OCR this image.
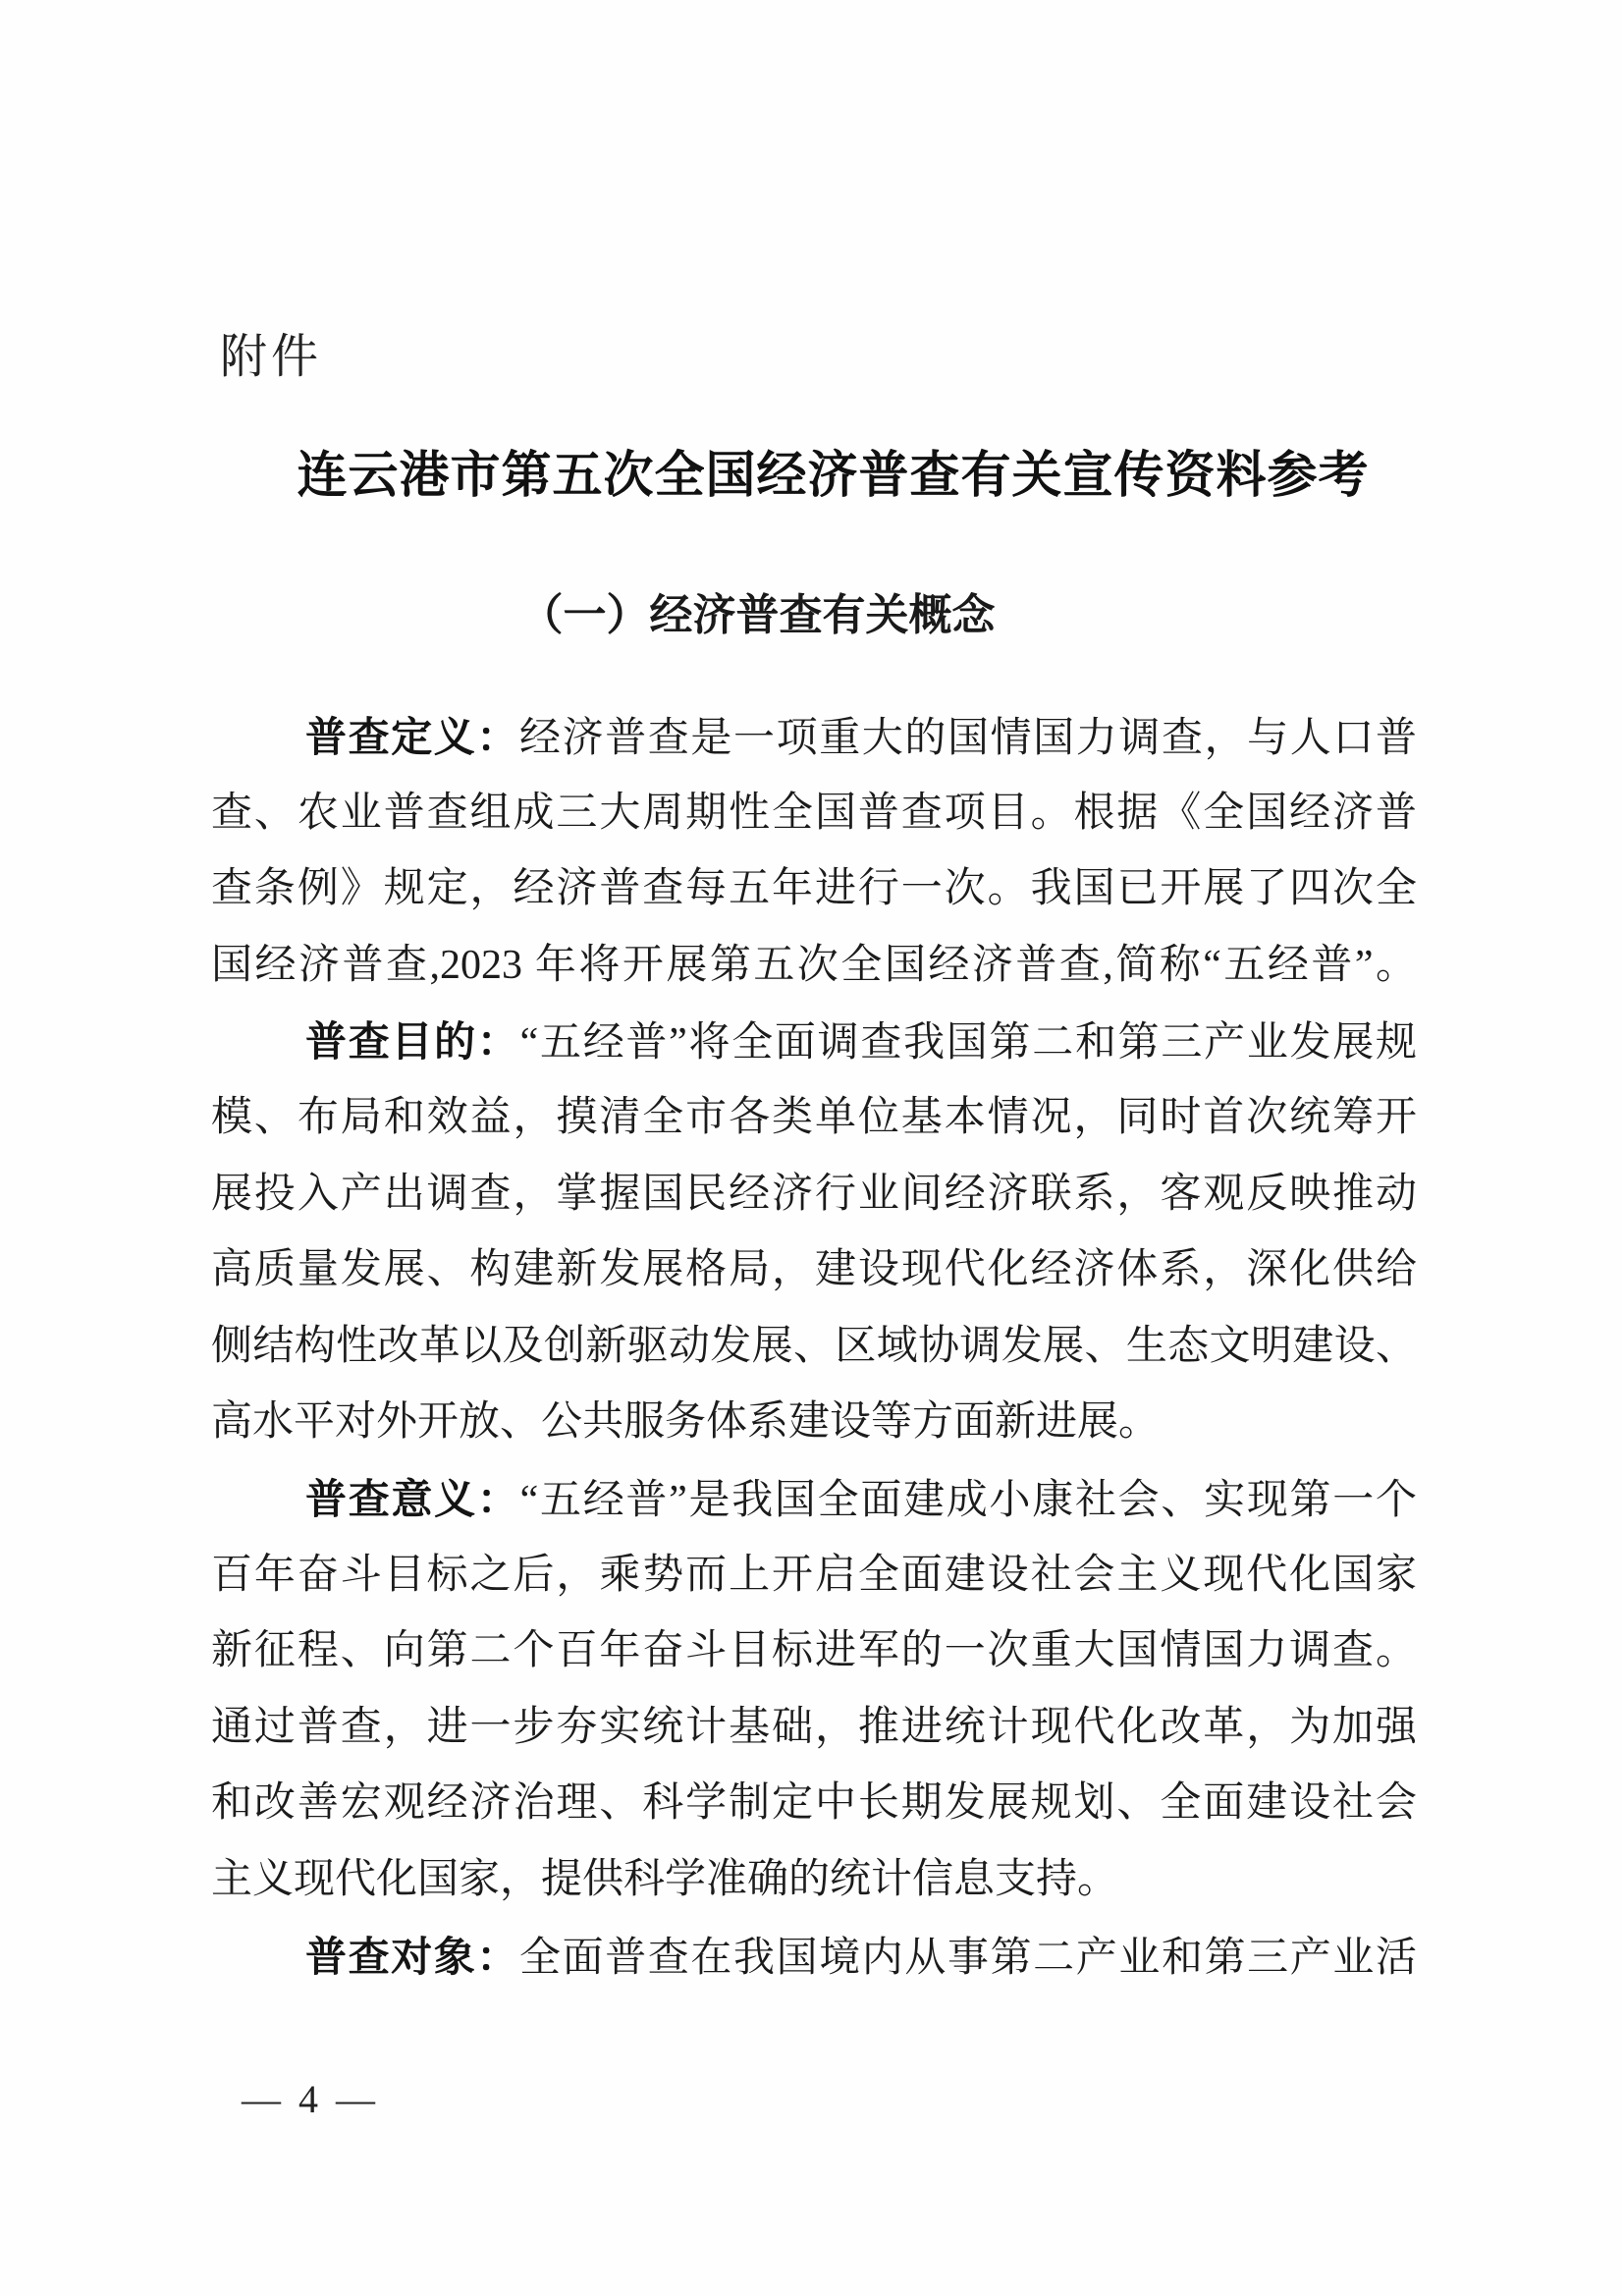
附件
连云港市第五次全国经济普查有关宣传资料参考
（一）经济普查有关概念
普查定义：经济普查是一项重大的国情国力调查，与人口普
查、农业普查组成三大周期性全国普查项目。根据《全国经济普
查条例》规定，经济普查每五年进行一次。我国已开展了四次全
国经济普查,2023 年将开展第五次全国经济普查,简称“五经普”。
普查目的：“五经普”将全面调查我国第二和第三产业发展规
模、布局和效益，摸清全市各类单位基本情况，同时首次统筹开
展投入产出调查，掌握国民经济行业间经济联系，客观反映推动
高质量发展、构建新发展格局，建设现代化经济体系，深化供给
侧结构性改革以及创新驱动发展、区域协调发展、生态文明建设、
高水平对外开放、公共服务体系建设等方面新进展。
普查意义：“五经普”是我国全面建成小康社会、实现第一个
百年奋斗目标之后，乘势而上开启全面建设社会主义现代化国家
新征程、向第二个百年奋斗目标进军的一次重大国情国力调查。
通过普查，进一步夯实统计基础，推进统计现代化改革，为加强
和改善宏观经济治理、科学制定中长期发展规划、全面建设社会
主义现代化国家，提供科学准确的统计信息支持。
普查对象：全面普查在我国境内从事第二产业和第三产业活
— 4 —
